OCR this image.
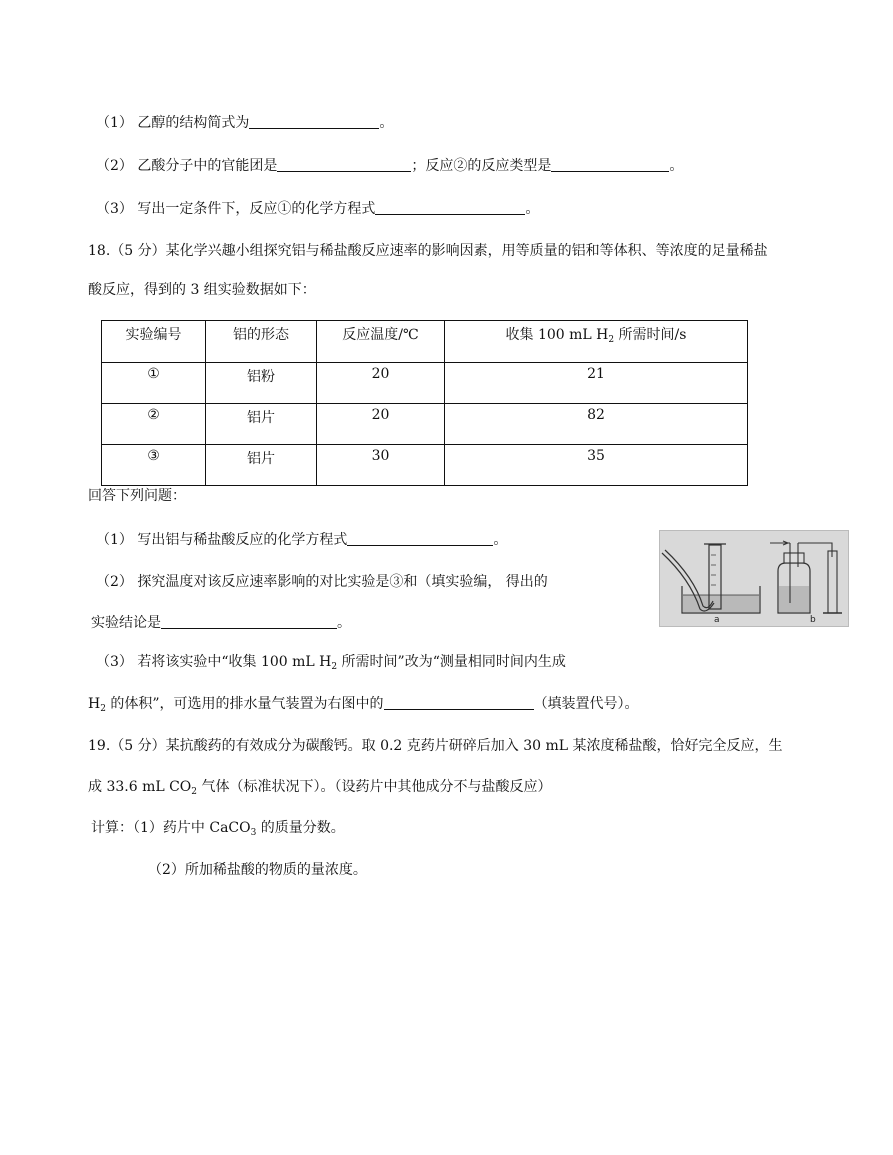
（1） 乙醇的结构简式为	。
（2） 乙酸分子中的官能团是	；反应②的反应类型是	。
（3） 写出一定条件下，反应①的化学方程式	。
18.（5 分）某化学兴趣小组探究铝与稀盐酸反应速率的影响因素，用等质量的铝和等体积、等浓度的足量稀盐
酸反应，得到的 3 组实验数据如下：
实验编号	铝的形态	反应温度/℃	收集 100 mL $H_2$ 所需时间/s
①	铝粉	20	21
②	铝片	20	82
③	铝片	30	35
回答下列问题：
（1） 写出铝与稀盐酸反应的化学方程式	。
（2） 探究温度对该反应速率影响的对比实验是③和（填实验编， 得出的
实验结论是	。
（3） 若将该实验中“收集 100 mL $H_2$ 所需时间”改为“测量相同时间内生成
$H_2$ 的体积”，可选用的排水量气装置为右图中的	（填装置代号）。
a	b
19.（5 分）某抗酸药的有效成分为碳酸钙。取 0.2 克药片研碎后加入 30 mL 某浓度稀盐酸，恰好完全反应，生
成 33.6 mL $CO_2$ 气体（标准状况下）。（设药片中其他成分不与盐酸反应）
计算：（1）药片中 CaCO$_3$ 的质量分数。
（2）所加稀盐酸的物质的量浓度。
